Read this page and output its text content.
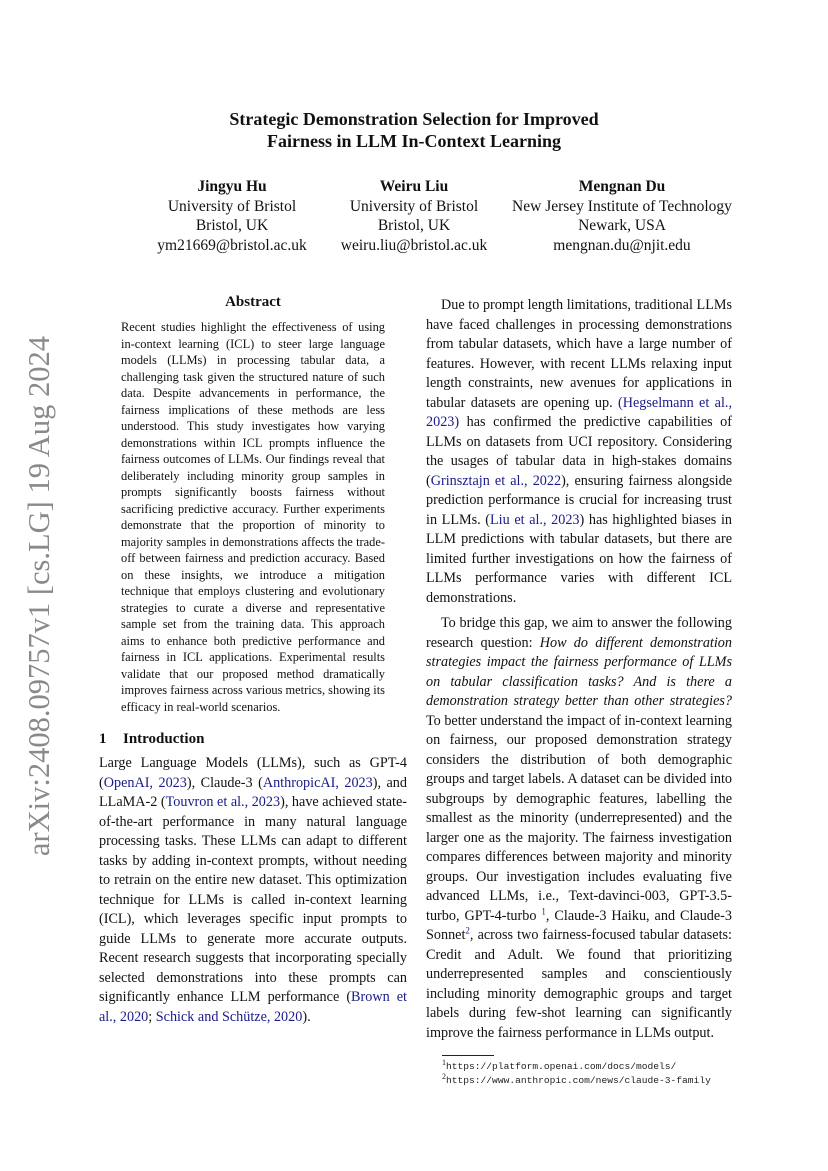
arXiv:2408.09757v1 [cs.LG] 19 Aug 2024
Strategic Demonstration Selection for Improved
Fairness in LLM In-Context Learning
Jingyu Hu
University of Bristol
Bristol, UK
ym21669@bristol.ac.uk
Weiru Liu
University of Bristol
Bristol, UK
weiru.liu@bristol.ac.uk
Mengnan Du
New Jersey Institute of Technology
Newark, USA
mengnan.du@njit.edu
Abstract

Recent studies highlight the effectiveness of using in-context learning (ICL) to steer large language models (LLMs) in processing tabular data, a challenging task given the structured nature of such data. Despite advancements in performance, the fairness implications of these methods are less understood. This study investigates how varying demonstrations within ICL prompts influence the fairness outcomes of LLMs. Our findings reveal that deliberately including minority group samples in prompts significantly boosts fairness without sacrificing predictive accuracy. Further experiments demonstrate that the proportion of minority to majority samples in demonstrations affects the trade-off between fairness and prediction accuracy. Based on these insights, we introduce a mitigation technique that employs clustering and evolutionary strategies to curate a diverse and representative sample set from the training data. This approach aims to enhance both predictive performance and fairness in ICL applications. Experimental results validate that our proposed method dramatically improves fairness across various metrics, showing its efficacy in real-world scenarios.

1 Introduction

Large Language Models (LLMs), such as GPT-4 (OpenAI, 2023), Claude-3 (AnthropicAI, 2023), and LLaMA-2 (Touvron et al., 2023), have achieved state-of-the-art performance in many natural language processing tasks. These LLMs can adapt to different tasks by adding in-context prompts, without needing to retrain on the entire new dataset. This optimization technique for LLMs is called in-context learning (ICL), which leverages specific input prompts to guide LLMs to generate more accurate outputs. Recent research suggests that incorporating specially selected demonstrations into these prompts can significantly enhance LLM performance (Brown et al., 2020; Schick and Schütze, 2020).

Due to prompt length limitations, traditional LLMs have faced challenges in processing demonstrations from tabular datasets, which have a large number of features. However, with recent LLMs relaxing input length constraints, new avenues for applications in tabular datasets are opening up. (Hegselmann et al., 2023) has confirmed the predictive capabilities of LLMs on datasets from UCI repository. Considering the usages of tabular data in high-stakes domains (Grinsztajn et al., 2022), ensuring fairness alongside prediction performance is crucial for increasing trust in LLMs. (Liu et al., 2023) has highlighted biases in LLM predictions with tabular datasets, but there are limited further investigations on how the fairness of LLMs performance varies with different ICL demonstrations.

To bridge this gap, we aim to answer the following research question: How do different demonstration strategies impact the fairness performance of LLMs on tabular classification tasks? And is there a demonstration strategy better than other strategies? To better understand the impact of in-context learning on fairness, our proposed demonstration strategy considers the distribution of both demographic groups and target labels. A dataset can be divided into subgroups by demographic features, labelling the smallest as the minority (underrepresented) and the larger one as the majority. The fairness investigation compares differences between majority and minority groups. Our investigation includes evaluating five advanced LLMs, i.e., Text-davinci-003, GPT-3.5-turbo, GPT-4-turbo $^1$, Claude-3 Haiku, and Claude-3 Sonnet$^2$, across two fairness-focused tabular datasets: Credit and Adult. We found that prioritizing underrepresented samples and conscientiously including minority demographic groups and target labels during few-shot learning can significantly improve the fairness performance in LLMs output.

$^1$https://platform.openai.com/docs/models/
$^2$https://www.anthropic.com/news/claude-3-family
